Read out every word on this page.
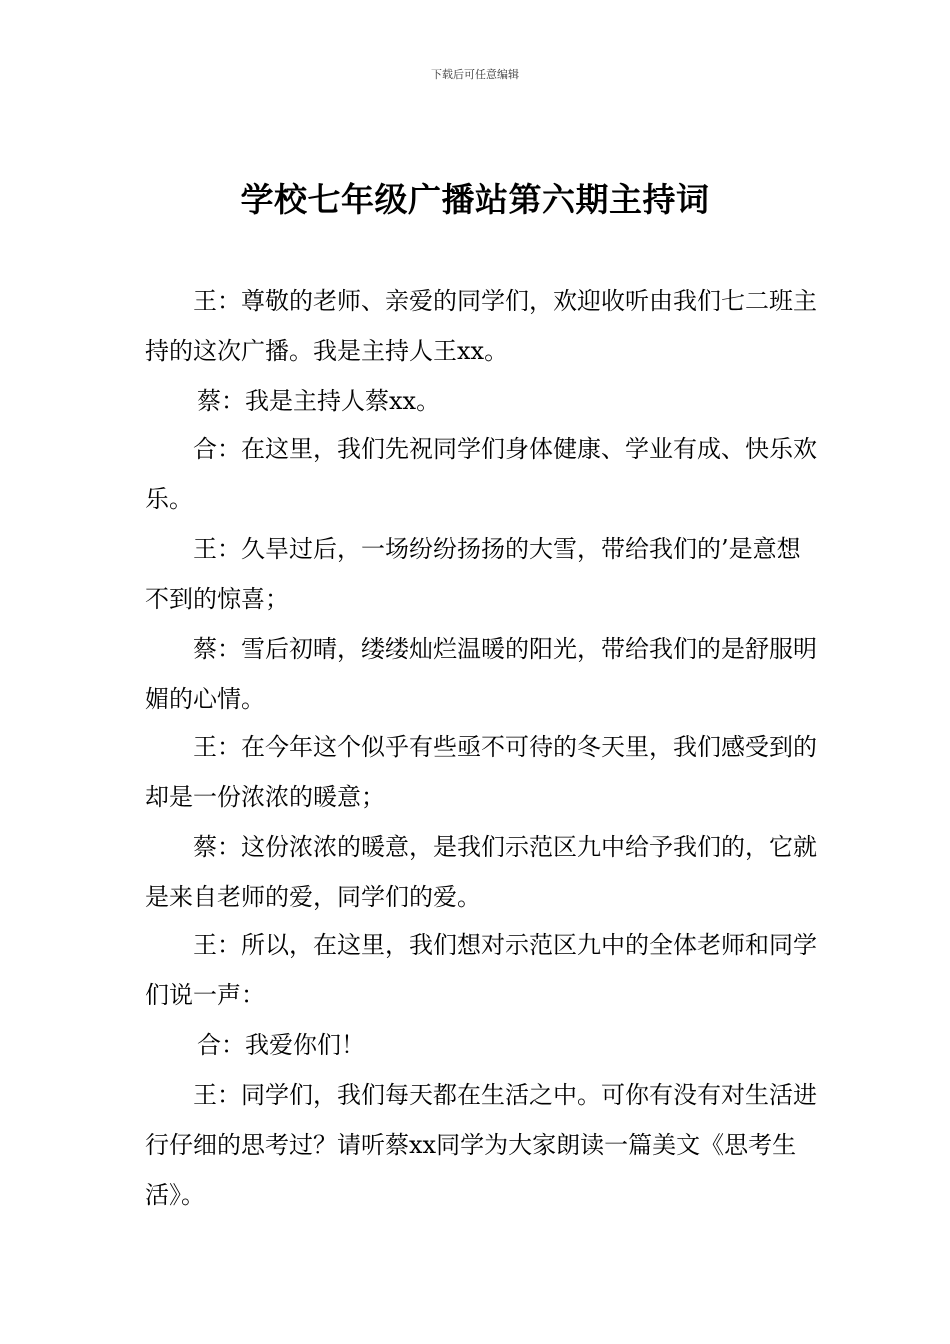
下载后可任意编辑
学校七年级广播站第六期主持词

王：尊敬的老师、亲爱的同学们，欢迎收听由我们七二班主持的这次广播。我是主持人王xx。

蔡：我是主持人蔡xx。

合：在这里，我们先祝同学们身体健康、学业有成、快乐欢乐。

王：久旱过后，一场纷纷扬扬的大雪，带给我们的’是意想不到的惊喜；

蔡：雪后初晴，缕缕灿烂温暖的阳光，带给我们的是舒服明媚的心情。

王：在今年这个似乎有些亟不可待的冬天里，我们感受到的却是一份浓浓的暖意；

蔡：这份浓浓的暖意，是我们示范区九中给予我们的，它就是来自老师的爱，同学们的爱。

王：所以，在这里，我们想对示范区九中的全体老师和同学们说一声：

合：我爱你们！

王：同学们，我们每天都在生活之中。可你有没有对生活进行仔细的思考过？请听蔡xx同学为大家朗读一篇美文《思考生活》。
